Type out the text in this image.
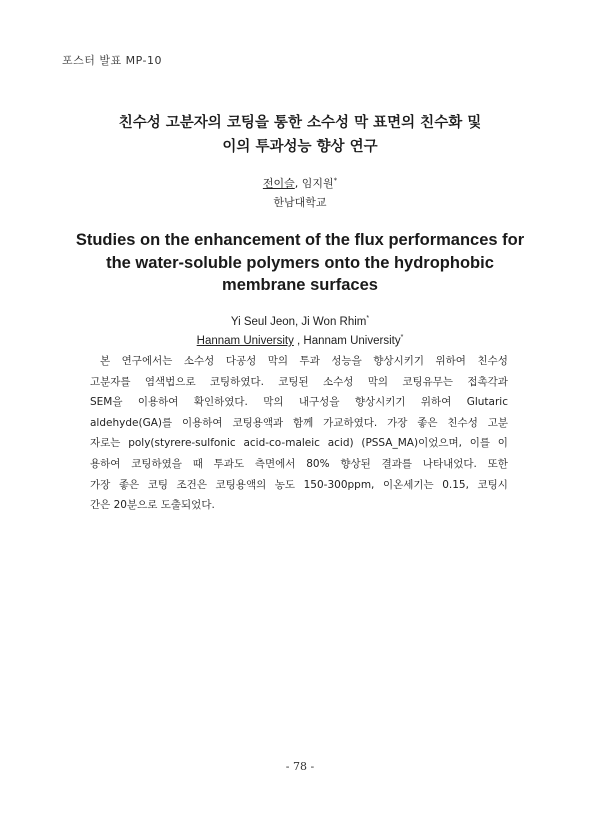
포스터 발표 MP-10
친수성 고분자의 코팅을 통한 소수성 막 표면의 친수화 및
이의 투과성능 향상 연구
전이슬, 임지원*
한남대학교
Studies on the enhancement of the flux performances for
the water-soluble polymers onto the hydrophobic
membrane surfaces
Yi Seul Jeon, Ji Won Rhim*
Hannam University , Hannam University*
본 연구에서는 소수성 다공성 막의 투과 성능을 향상시키기 위하여 친수성
고분자를 염색법으로 코팅하였다. 코팅된 소수성 막의 코팅유무는 접촉각과
SEM을 이용하여 확인하였다. 막의 내구성을 향상시키기 위하여 Glutaric
aldehyde(GA)를 이용하여 코팅용액과 함께 가교하였다. 가장 좋은 친수성 고분
자로는 poly(styrere-sulfonic acid-co-maleic acid) (PSSA_MA)이었으며, 이를 이
용하여 코팅하였을 때 투과도 측면에서 80% 향상된 결과를 나타내었다. 또한
가장 좋은 코팅 조건은 코팅용액의 농도 150-300ppm, 이온세기는 0.15, 코팅시
간은 20분으로 도출되었다.
- 78 -
